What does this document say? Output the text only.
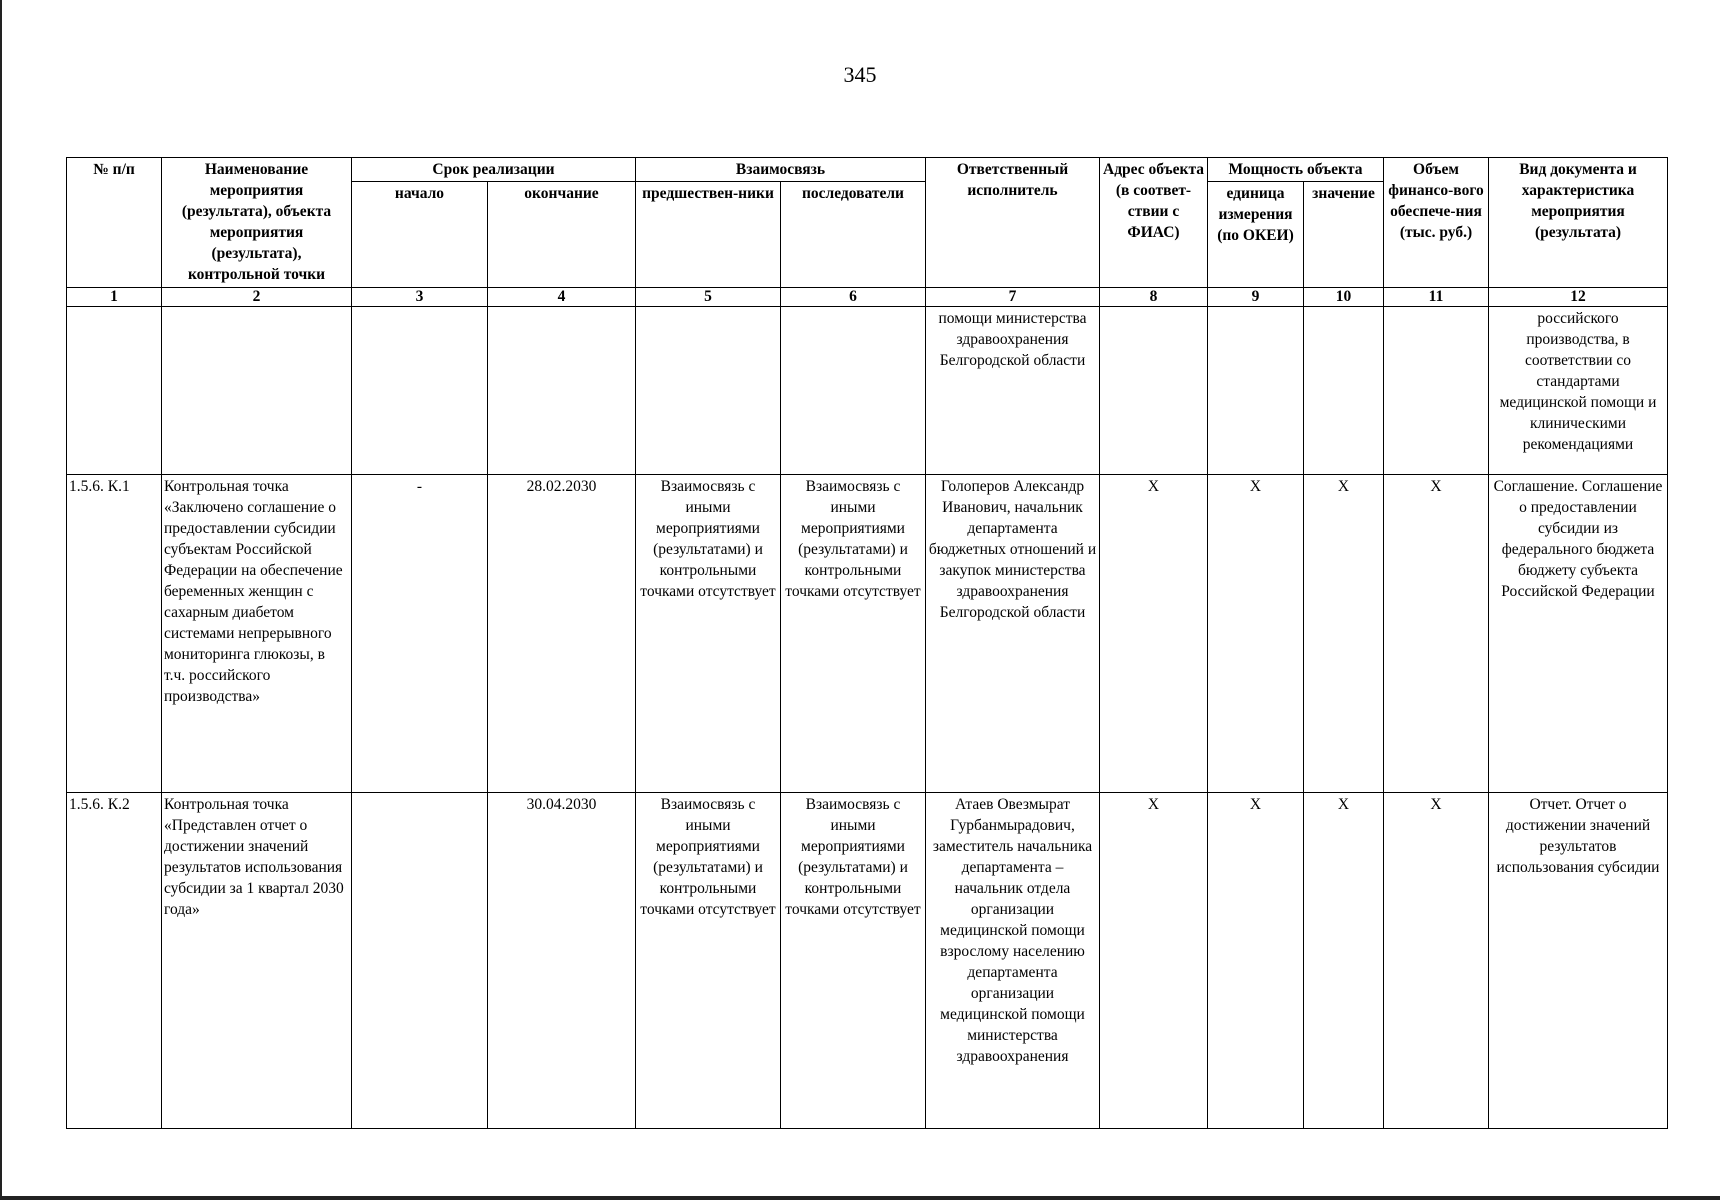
345
№ п/п	Наименование мероприятия (результата), объекта мероприятия (результата), контрольной точки	Срок реализации		Взаимосвязь		Ответственный исполнитель	Адрес объекта (в соответ-ствии с ФИАС)	Мощность объекта		Объем финансо-вого обеспече-ния (тыс. руб.)	Вид документа и характеристика мероприятия (результата)
		начало	окончание	предшествен-ники	последователи			единица измерения (по ОКЕИ)	значение		
1	2	3	4	5	6	7	8	9	10	11	12
						помощи министерства здравоохранения Белгородской области					российского производства, в соответствии со стандартами медицинской помощи и клиническими рекомендациями
1.5.6. К.1	Контрольная точка «Заключено соглашение о предоставлении субсидии субъектам Российской Федерации на обеспечение беременных женщин с сахарным диабетом системами непрерывного мониторинга глюкозы, в т.ч. российского производства»	-	28.02.2030	Взаимосвязь с иными мероприятиями (результатами) и контрольными точками отсутствует	Взаимосвязь с иными мероприятиями (результатами) и контрольными точками отсутствует	Голоперов Александр Иванович, начальник департамента бюджетных отношений и закупок министерства здравоохранения Белгородской области	Х	Х	Х	Х	Соглашение. Соглашение о предоставлении субсидии из федерального бюджета бюджету субъекта Российской Федерации
1.5.6. К.2	Контрольная точка «Представлен отчет о достижении значений результатов использования субсидии за 1 квартал 2030 года»		30.04.2030	Взаимосвязь с иными мероприятиями (результатами) и контрольными точками отсутствует	Взаимосвязь с иными мероприятиями (результатами) и контрольными точками отсутствует	Атаев Овезмырат Гурбанмырадович, заместитель начальника департамента – начальник отдела организации медицинской помощи взрослому населению департамента организации медицинской помощи министерства здравоохранения	Х	Х	Х	Х	Отчет. Отчет о достижении значений результатов использования субсидии
